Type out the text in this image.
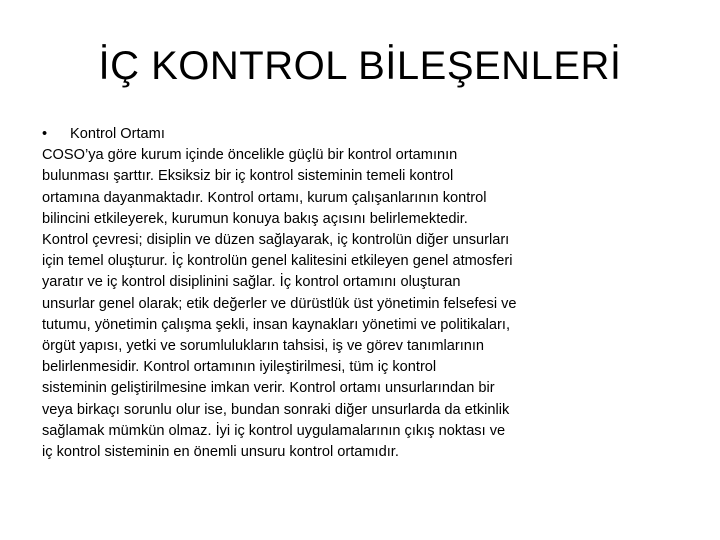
İÇ KONTROL BİLEŞENLERİ
• Kontrol Ortamı
COSO’ya göre kurum içinde öncelikle güçlü bir kontrol ortamının
bulunması şarttır. Eksiksiz bir iç kontrol sisteminin temeli kontrol
ortamına dayanmaktadır. Kontrol ortamı, kurum çalışanlarının kontrol
bilincini etkileyerek, kurumun konuya bakış açısını belirlemektedir.
Kontrol çevresi; disiplin ve düzen sağlayarak, iç kontrolün diğer unsurları
için temel oluşturur. İç kontrolün genel kalitesini etkileyen genel atmosferi
yaratır ve iç kontrol disiplinini sağlar. İç kontrol ortamını oluşturan
unsurlar genel olarak; etik değerler ve dürüstlük üst yönetimin felsefesi ve
tutumu, yönetimin çalışma şekli, insan kaynakları yönetimi ve politikaları,
örgüt yapısı, yetki ve sorumlulukların tahsisi, iş ve görev tanımlarının
belirlenmesidir. Kontrol ortamının iyileştirilmesi, tüm iç kontrol
sisteminin geliştirilmesine imkan verir. Kontrol ortamı unsurlarından bir
veya birkaçı sorunlu olur ise, bundan sonraki diğer unsurlarda da etkinlik
sağlamak mümkün olmaz. İyi iç kontrol uygulamalarının çıkış noktası ve
iç kontrol sisteminin en önemli unsuru kontrol ortamıdır.
